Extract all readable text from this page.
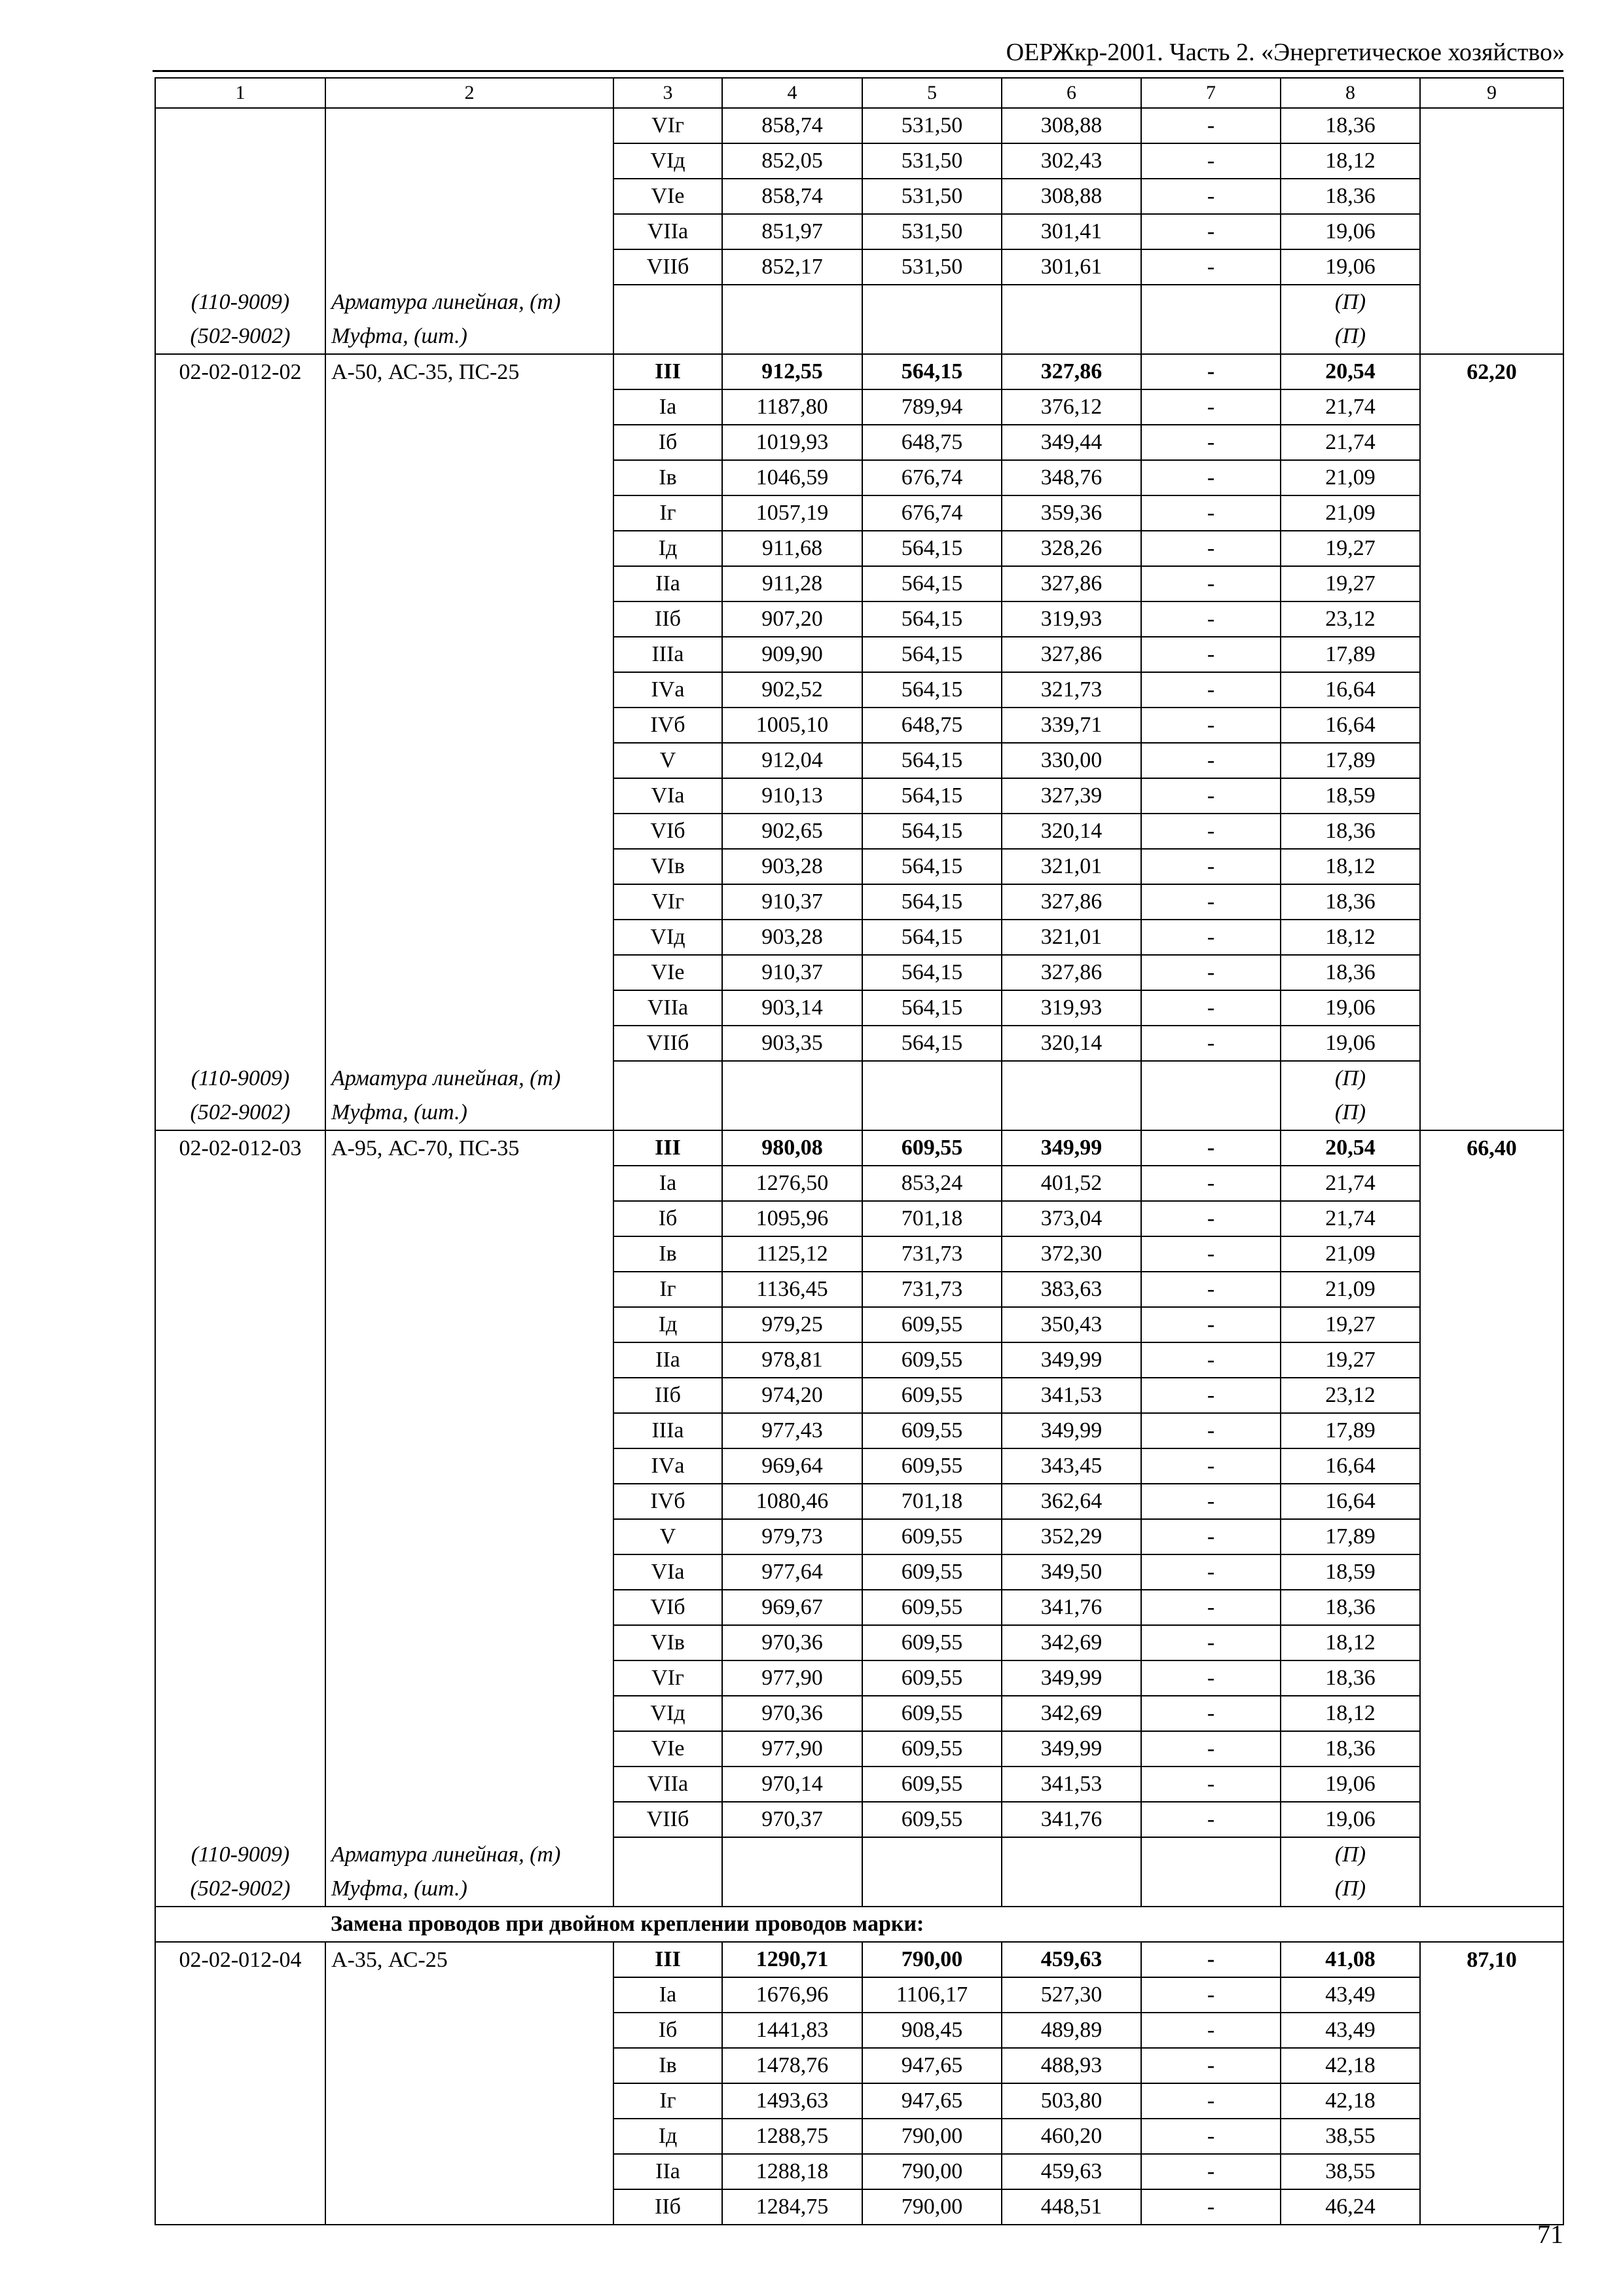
ОЕРЖкр-2001. Часть 2. «Энергетическое хозяйство»
1	2	3	4	5	6	7	8	9
		VIг	858,74	531,50	308,88	-	18,36	
		VIд	852,05	531,50	302,43	-	18,12	
		VIе	858,74	531,50	308,88	-	18,36	
		VIIа	851,97	531,50	301,41	-	19,06	
		VIIб	852,17	531,50	301,61	-	19,06	
(110-9009)	Арматура линейная, (т)						(П)	
(502-9002)	Муфта, (шт.)						(П)	
02-02-012-02	А-50, АС-35, ПС-25	III	912,55	564,15	327,86	-	20,54	62,20
		Iа	1187,80	789,94	376,12	-	21,74	
		Iб	1019,93	648,75	349,44	-	21,74	
		Iв	1046,59	676,74	348,76	-	21,09	
		Iг	1057,19	676,74	359,36	-	21,09	
		Iд	911,68	564,15	328,26	-	19,27	
		IIа	911,28	564,15	327,86	-	19,27	
		IIб	907,20	564,15	319,93	-	23,12	
		IIIа	909,90	564,15	327,86	-	17,89	
		IVа	902,52	564,15	321,73	-	16,64	
		IVб	1005,10	648,75	339,71	-	16,64	
		V	912,04	564,15	330,00	-	17,89	
		VIа	910,13	564,15	327,39	-	18,59	
		VIб	902,65	564,15	320,14	-	18,36	
		VIв	903,28	564,15	321,01	-	18,12	
		VIг	910,37	564,15	327,86	-	18,36	
		VIд	903,28	564,15	321,01	-	18,12	
		VIе	910,37	564,15	327,86	-	18,36	
		VIIа	903,14	564,15	319,93	-	19,06	
		VIIб	903,35	564,15	320,14	-	19,06	
(110-9009)	Арматура линейная, (т)						(П)	
(502-9002)	Муфта, (шт.)						(П)	
02-02-012-03	А-95, АС-70, ПС-35	III	980,08	609,55	349,99	-	20,54	66,40
		Iа	1276,50	853,24	401,52	-	21,74	
		Iб	1095,96	701,18	373,04	-	21,74	
		Iв	1125,12	731,73	372,30	-	21,09	
		Iг	1136,45	731,73	383,63	-	21,09	
		Iд	979,25	609,55	350,43	-	19,27	
		IIа	978,81	609,55	349,99	-	19,27	
		IIб	974,20	609,55	341,53	-	23,12	
		IIIа	977,43	609,55	349,99	-	17,89	
		IVа	969,64	609,55	343,45	-	16,64	
		IVб	1080,46	701,18	362,64	-	16,64	
		V	979,73	609,55	352,29	-	17,89	
		VIа	977,64	609,55	349,50	-	18,59	
		VIб	969,67	609,55	341,76	-	18,36	
		VIв	970,36	609,55	342,69	-	18,12	
		VIг	977,90	609,55	349,99	-	18,36	
		VIд	970,36	609,55	342,69	-	18,12	
		VIе	977,90	609,55	349,99	-	18,36	
		VIIа	970,14	609,55	341,53	-	19,06	
		VIIб	970,37	609,55	341,76	-	19,06	
(110-9009)	Арматура линейная, (т)						(П)	
(502-9002)	Муфта, (шт.)						(П)	
	Замена проводов при двойном креплении проводов марки:							
02-02-012-04	А-35, АС-25	III	1290,71	790,00	459,63	-	41,08	87,10
		Iа	1676,96	1106,17	527,30	-	43,49	
		Iб	1441,83	908,45	489,89	-	43,49	
		Iв	1478,76	947,65	488,93	-	42,18	
		Iг	1493,63	947,65	503,80	-	42,18	
		Iд	1288,75	790,00	460,20	-	38,55	
		IIа	1288,18	790,00	459,63	-	38,55	
		IIб	1284,75	790,00	448,51	-	46,24	
71
